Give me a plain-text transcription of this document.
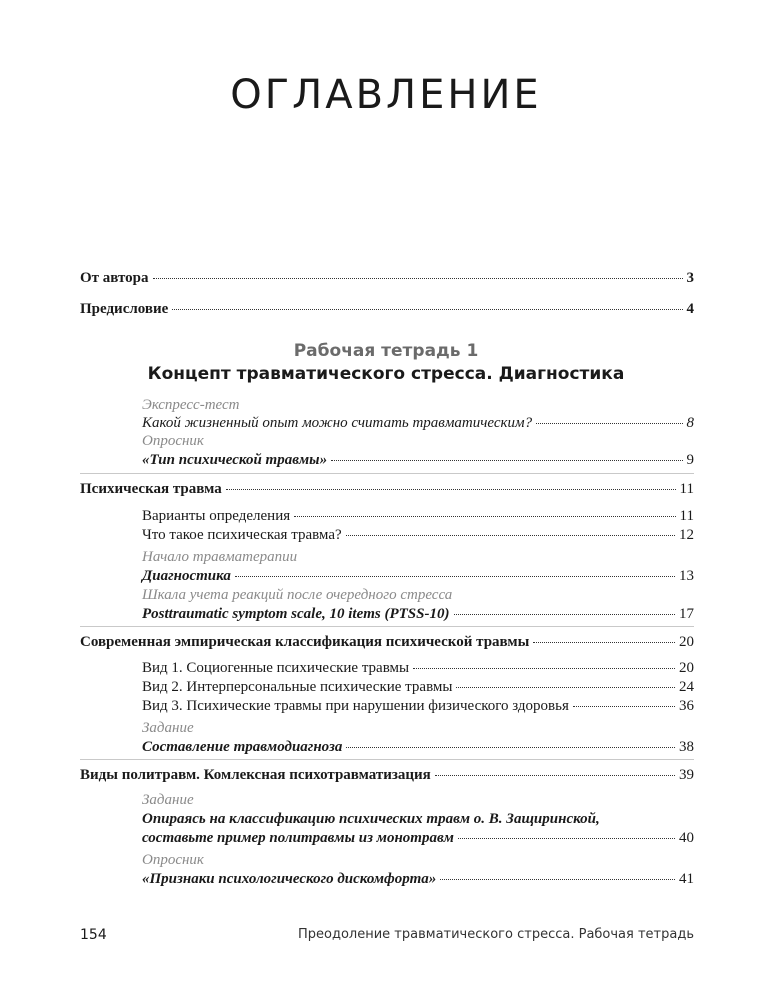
ОГЛАВЛЕНИЕ
От автора	3
Предисловие	4
Экспресс-тест
Какой жизненный опыт можно считать травматическим?	8
Опросник
«Тип психической травмы»	9
Психическая травма	11
Варианты определения	11
Что такое психическая травма?	12
Начало травматерапии
Диагностика	13
Шкала учета реакций после очередного стресса
Posttraumatic symptom scale, 10 items (PTSS-10)	17
Современная эмпирическая классификация психической травмы	20
Вид 1. Социогенные психические травмы	20
Вид 2. Интерперсональные психические травмы	24
Вид 3. Психические травмы при нарушении физического здоровья	36
Задание
Составление травмодиагноза	38
Виды политравм. Комлексная психотравматизация	39
Задание
Опираясь на классификацию психических травм о. В. Защиринской,
составьте пример политравмы из монотравм	40
Опросник
«Признаки психологического дискомфорта»	41
Рабочая тетрадь 1
Концепт травматического стресса. Диагностика
154	Преодоление травматического стресса. Рабочая тетрадь
